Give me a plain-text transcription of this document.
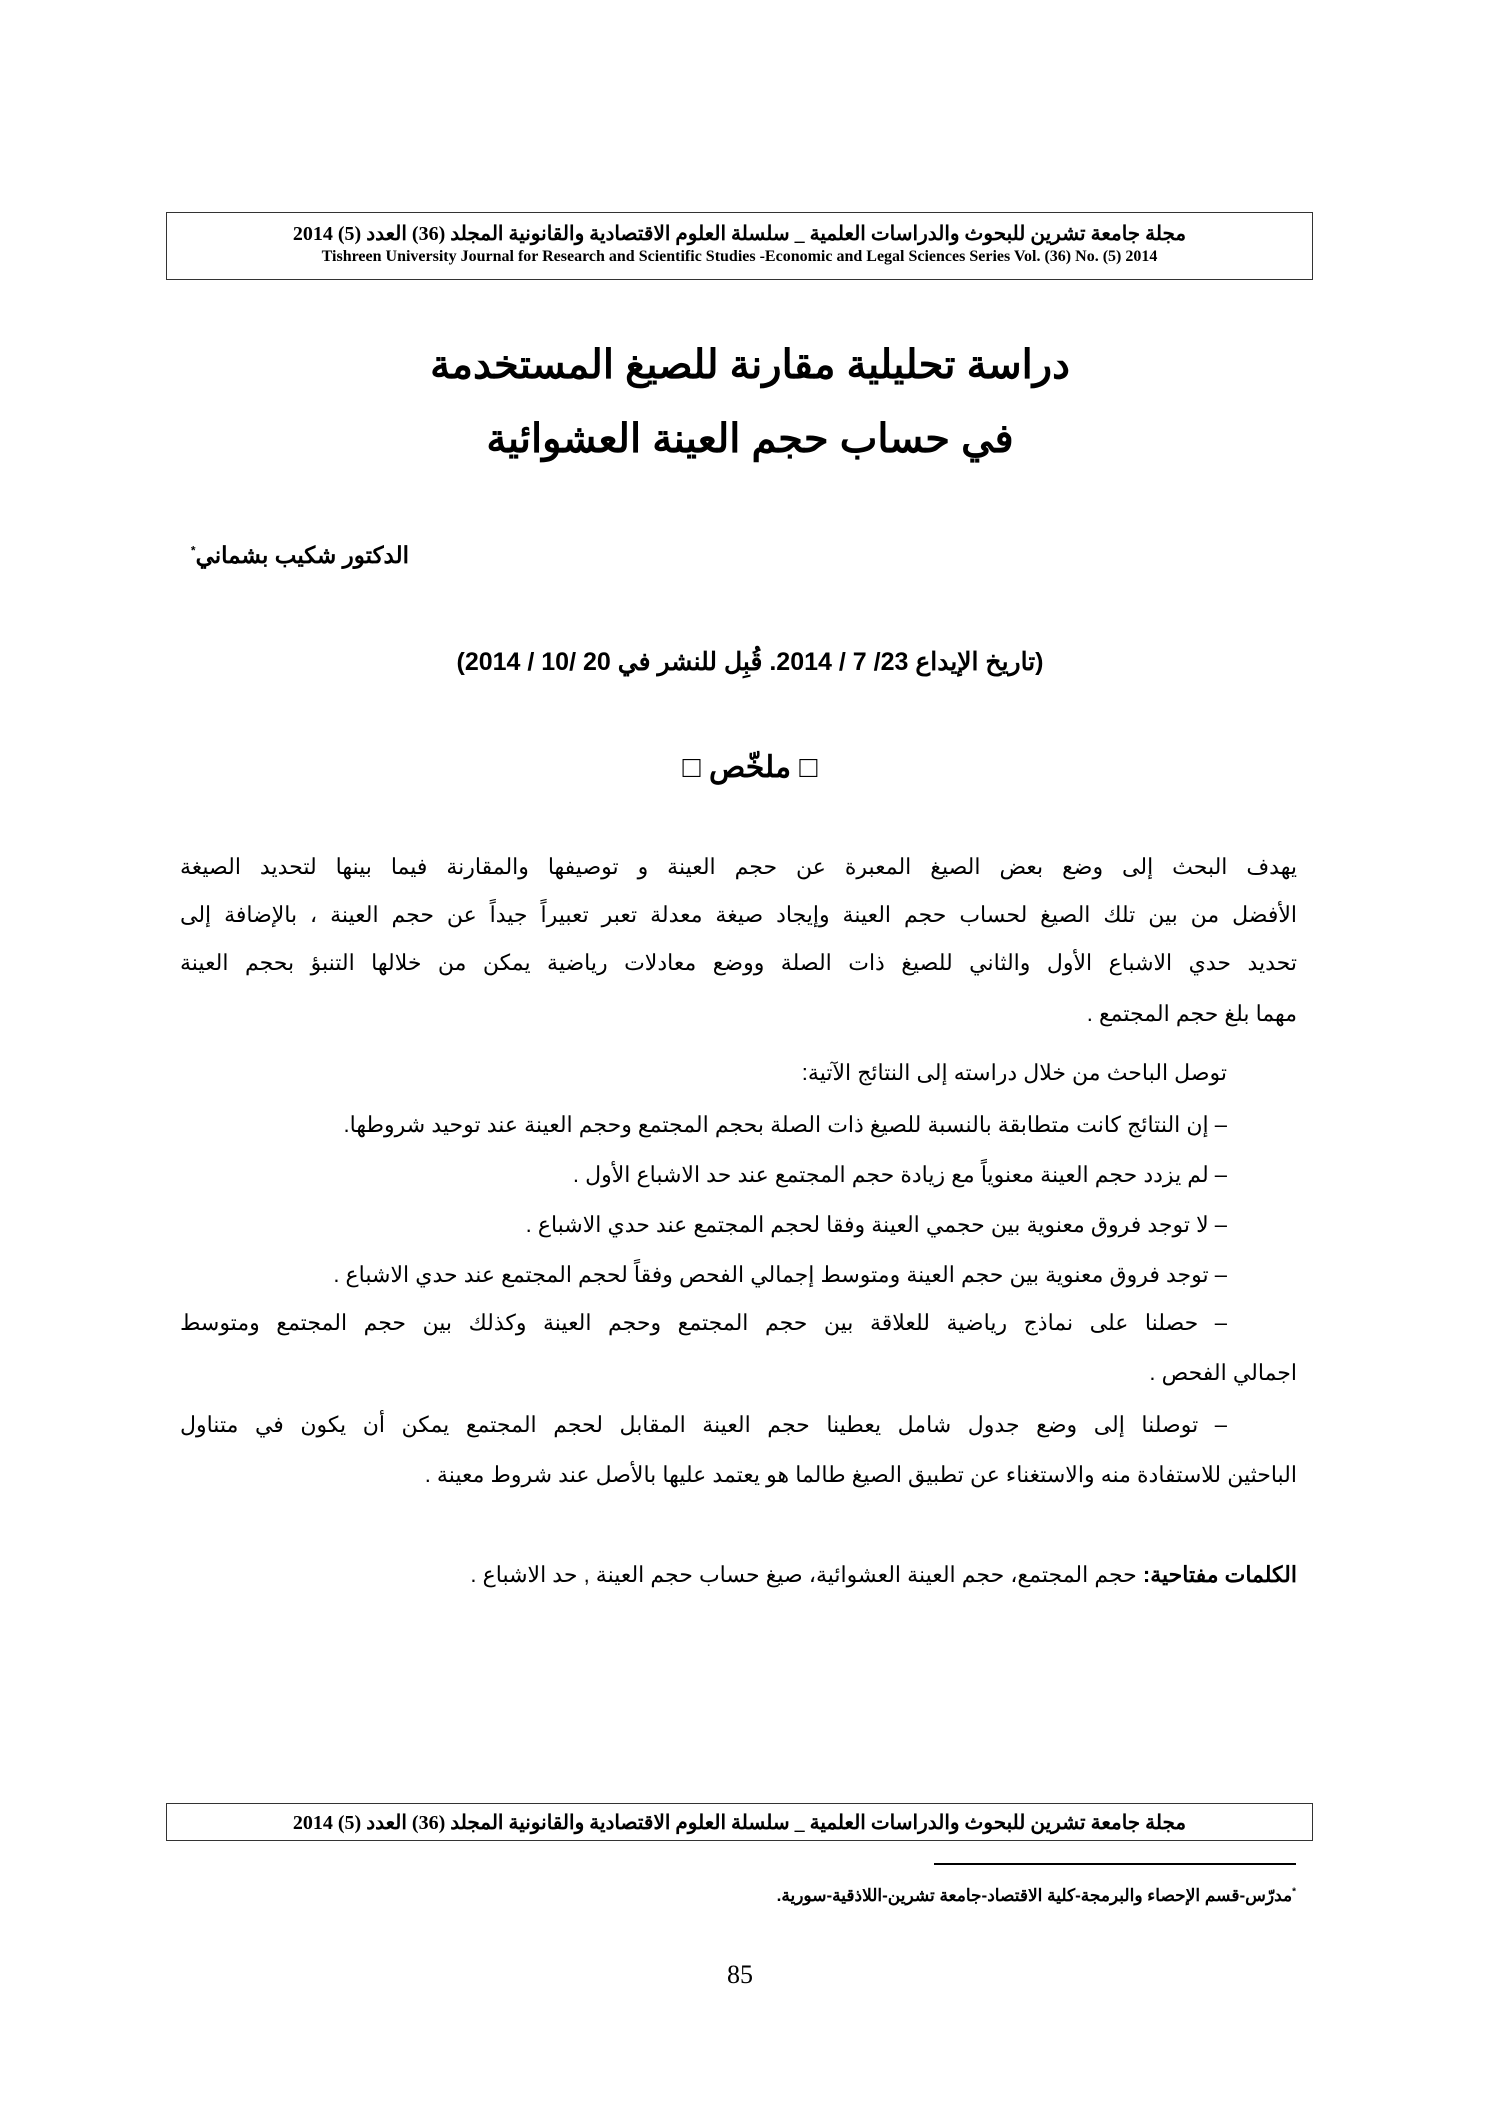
مجلة جامعة تشرين للبحوث والدراسات العلمية _ سلسلة العلوم الاقتصادية والقانونية المجلد (36) العدد (5) 2014
Tishreen University Journal for Research and Scientific Studies -Economic and Legal Sciences Series Vol. (36) No. (5) 2014
دراسة تحليلية مقارنة للصيغ المستخدمة
في حساب حجم العينة العشوائية
الدكتور شكيب بشماني*
(تاريخ الإيداع 23/ 7 / 2014. قُبِل للنشر في 20 /10 / 2014)
□ ملخّص □
يهدف البحث إلى وضع بعض الصيغ المعبرة عن حجم العينة و توصيفها والمقارنة فيما بينها لتحديد الصيغة
الأفضل من بين تلك الصيغ لحساب حجم العينة وإيجاد صيغة معدلة تعبر تعبيراً جيداً عن حجم العينة ، بالإضافة إلى
تحديد حدي الاشباع الأول والثاني للصيغ ذات الصلة ووضع معادلات رياضية يمكن من خلالها التنبؤ بحجم العينة
مهما بلغ حجم المجتمع .
توصل الباحث من خلال دراسته إلى النتائج الآتية:
– إن النتائج كانت متطابقة بالنسبة للصيغ ذات الصلة بحجم المجتمع وحجم العينة عند توحيد شروطها.
– لم يزدد حجم العينة معنوياً مع زيادة حجم المجتمع عند حد الاشباع الأول .
– لا توجد فروق معنوية بين حجمي العينة وفقا لحجم المجتمع عند حدي الاشباع .
– توجد فروق معنوية بين حجم العينة ومتوسط إجمالي الفحص وفقاً لحجم المجتمع عند حدي الاشباع .
– حصلنا على نماذج رياضية للعلاقة بين حجم المجتمع وحجم العينة وكذلك بين حجم المجتمع ومتوسط
اجمالي الفحص .
– توصلنا إلى وضع جدول شامل يعطينا حجم العينة المقابل لحجم المجتمع يمكن أن يكون في متناول
الباحثين للاستفادة منه والاستغناء عن تطبيق الصيغ طالما هو يعتمد عليها بالأصل عند شروط معينة .
الكلمات مفتاحية: حجم المجتمع، حجم العينة العشوائية، صيغ حساب حجم العينة , حد الاشباع .
مجلة جامعة تشرين للبحوث والدراسات العلمية _ سلسلة العلوم الاقتصادية والقانونية المجلد (36) العدد (5) 2014
*مدرّس-قسم الإحصاء والبرمجة-كلية الاقتصاد-جامعة تشرين-اللاذقية-سورية.
85
